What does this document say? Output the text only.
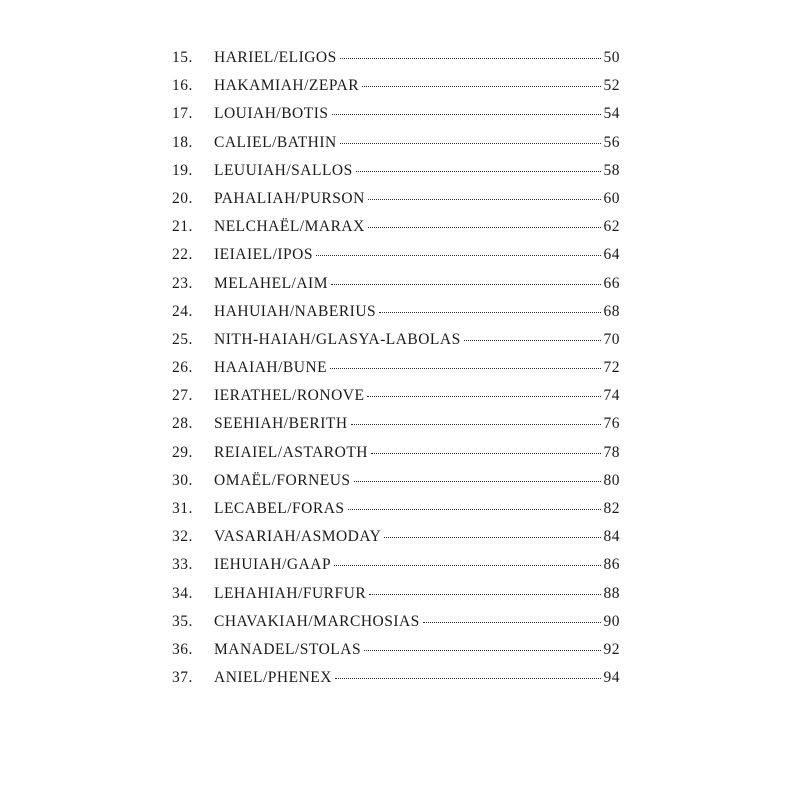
15.	HARIEL/ELIGOS	50
16.	HAKAMIAH/ZEPAR	52
17.	LOUIAH/BOTIS	54
18.	CALIEL/BATHIN	56
19.	LEUUIAH/SALLOS	58
20.	PAHALIAH/PURSON	60
21.	NELCHAËL/MARAX	62
22.	IEIAIEL/IPOS	64
23.	MELAHEL/AIM	66
24.	HAHUIAH/NABERIUS	68
25.	NITH-HAIAH/GLASYA-LABOLAS	70
26.	HAAIAH/BUNE	72
27.	IERATHEL/RONOVE	74
28.	SEEHIAH/BERITH	76
29.	REIAIEL/ASTAROTH	78
30.	OMAËL/FORNEUS	80
31.	LECABEL/FORAS	82
32.	VASARIAH/ASMODAY	84
33.	IEHUIAH/GAAP	86
34.	LEHAHIAH/FURFUR	88
35.	CHAVAKIAH/MARCHOSIAS	90
36.	MANADEL/STOLAS	92
37.	ANIEL/PHENEX	94
